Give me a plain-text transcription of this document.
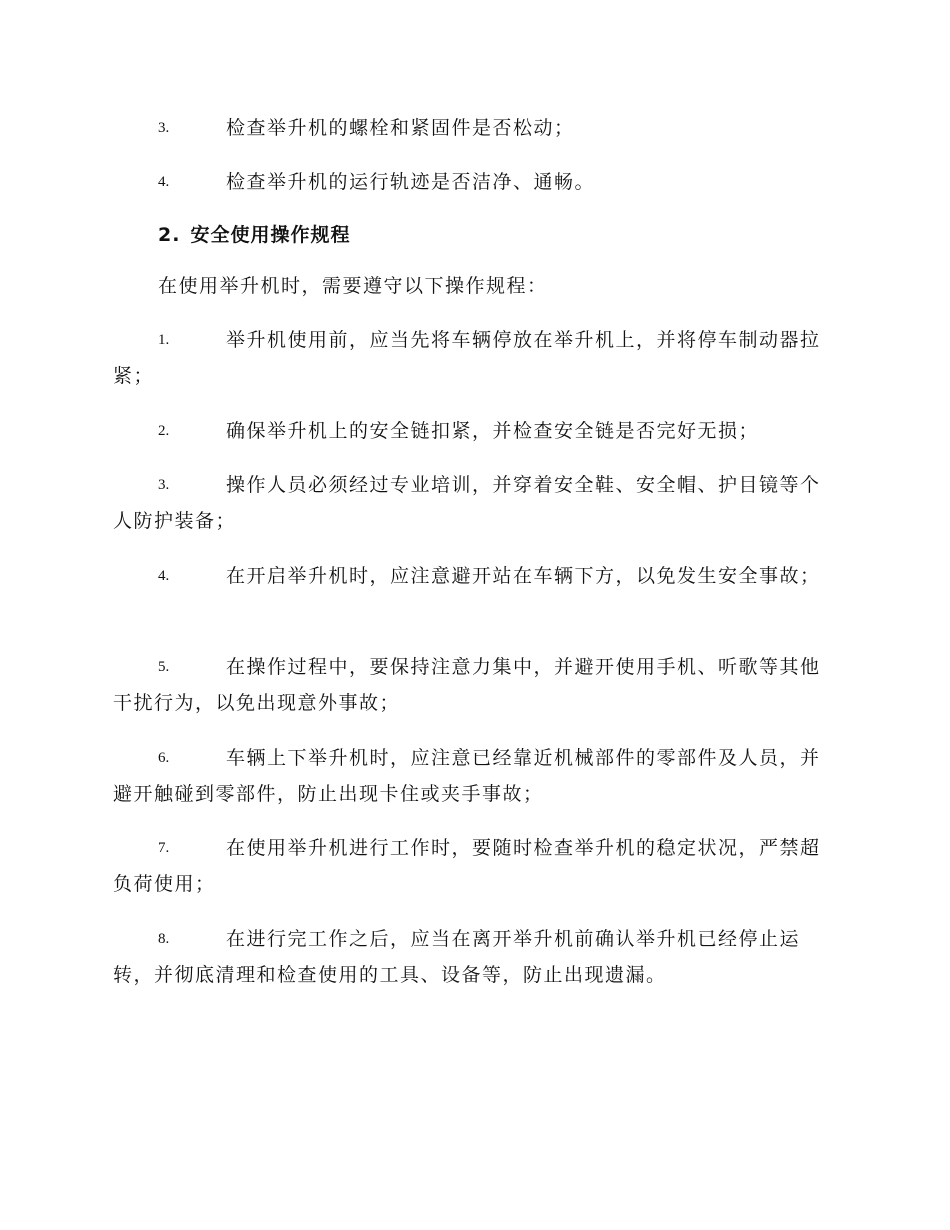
3.	检查举升机的螺栓和紧固件是否松动；
4.	检查举升机的运行轨迹是否洁净、通畅。
2. 安全使用操作规程
在使用举升机时，需要遵守以下操作规程：
1.	举升机使用前，应当先将车辆停放在举升机上，并将停车制动器拉紧；
2.	确保举升机上的安全链扣紧，并检查安全链是否完好无损；
3.	操作人员必须经过专业培训，并穿着安全鞋、安全帽、护目镜等个人防护装备；
4.	在开启举升机时，应注意避开站在车辆下方，以免发生安全事故；
5.	在操作过程中，要保持注意力集中，并避开使用手机、听歌等其他干扰行为，以免出现意外事故；
6.	车辆上下举升机时，应注意已经靠近机械部件的零部件及人员，并避开触碰到零部件，防止出现卡住或夹手事故；
7.	在使用举升机进行工作时，要随时检查举升机的稳定状况，严禁超负荷使用；
8.	在进行完工作之后，应当在离开举升机前确认举升机已经停止运转，并彻底清理和检查使用的工具、设备等，防止出现遗漏。
